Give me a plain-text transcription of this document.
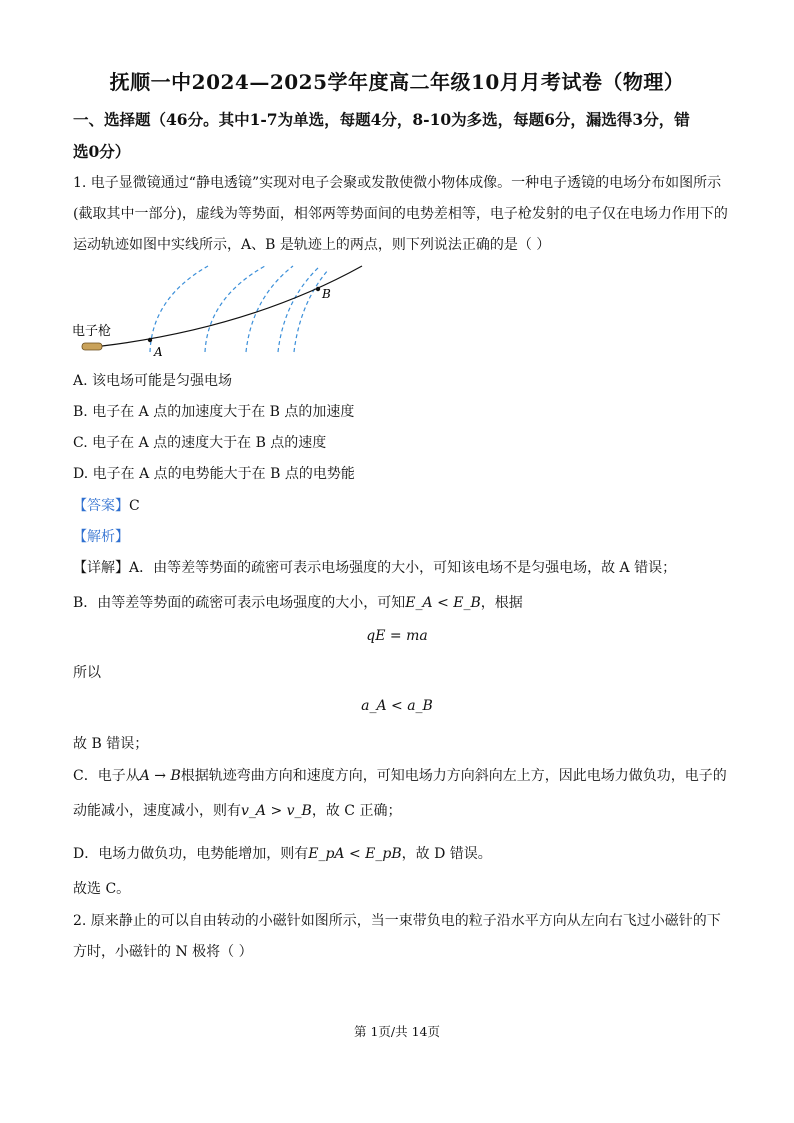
抚顺一中2024—2025学年度高二年级10月月考试卷（物理）
一、选择题（46分。其中1-7为单选，每题4分，8-10为多选，每题6分，漏选得3分，错
选0分）
1. 电子显微镜通过“静电透镜”实现对电子会聚或发散使微小物体成像。一种电子透镜的电场分布如图所示
(截取其中一部分)，虚线为等势面，相邻两等势面间的电势差相等，电子枪发射的电子仅在电场力作用下的
运动轨迹如图中实线所示，A、B 是轨迹上的两点，则下列说法正确的是（ ）
电子枪
A
B
A. 该电场可能是匀强电场
B. 电子在 A 点的加速度大于在 B 点的加速度
C. 电子在 A 点的速度大于在 B 点的速度
D. 电子在 A 点的电势能大于在 B 点的电势能
【答案】C
【解析】
【详解】A．由等差等势面的疏密可表示电场强度的大小，可知该电场不是匀强电场，故 A 错误；
B．由等差等势面的疏密可表示电场强度的大小，可知E_A < E_B，根据
qE = ma
所以
a_A < a_B
故 B 错误；
C．电子从A → B根据轨迹弯曲方向和速度方向，可知电场力方向斜向左上方，因此电场力做负功，电子的
动能减小，速度减小，则有v_A > v_B，故 C 正确；
D．电场力做负功，电势能增加，则有E_pA < E_pB，故 D 错误。
故选 C。
2. 原来静止的可以自由转动的小磁针如图所示，当一束带负电的粒子沿水平方向从左向右飞过小磁针的下
方时，小磁针的 N 极将（ ）
第 1页/共 14页
